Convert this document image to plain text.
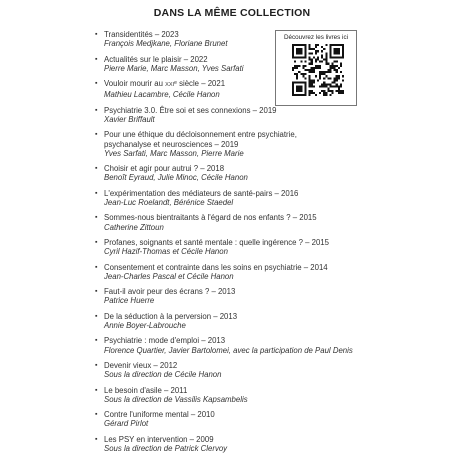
DANS LA MÊME COLLECTION
Découvrez les livres ici
▪ Transidentités – 2023
François Medjkane, Floriane Brunet
▪ Actualités sur le plaisir – 2022
Pierre Marie, Marc Masson, Yves Sarfati
▪ Vouloir mourir au XXIe siècle – 2021
Mathieu Lacambre, Cécile Hanon
▪ Psychiatrie 3.0. Être soi et ses connexions – 2019
Xavier Briffault
▪ Pour une éthique du décloisonnement entre psychiatrie,
psychanalyse et neurosciences – 2019
Yves Sarfati, Marc Masson, Pierre Marie
▪ Choisir et agir pour autrui ? – 2018
Benoît Eyraud, Julie Minoc, Cécile Hanon
▪ L'expérimentation des médiateurs de santé-pairs – 2016
Jean-Luc Roelandt, Bérénice Staedel
▪ Sommes-nous bientraitants à l'égard de nos enfants ? – 2015
Catherine Zittoun
▪ Profanes, soignants et santé mentale : quelle ingérence ? – 2015
Cyril Hazif-Thomas et Cécile Hanon
▪ Consentement et contrainte dans les soins en psychiatrie – 2014
Jean-Charles Pascal et Cécile Hanon
▪ Faut-il avoir peur des écrans ? – 2013
Patrice Huerre
▪ De la séduction à la perversion – 2013
Annie Boyer-Labrouche
▪ Psychiatrie : mode d'emploi – 2013
Florence Quartier, Javier Bartolomei, avec la participation de Paul Denis
▪ Devenir vieux – 2012
Sous la direction de Cécile Hanon
▪ Le besoin d'asile – 2011
Sous la direction de Vassilis Kapsambelis
▪ Contre l'uniforme mental – 2010
Gérard Pirlot
▪ Les PSY en intervention – 2009
Sous la direction de Patrick Clervoy
